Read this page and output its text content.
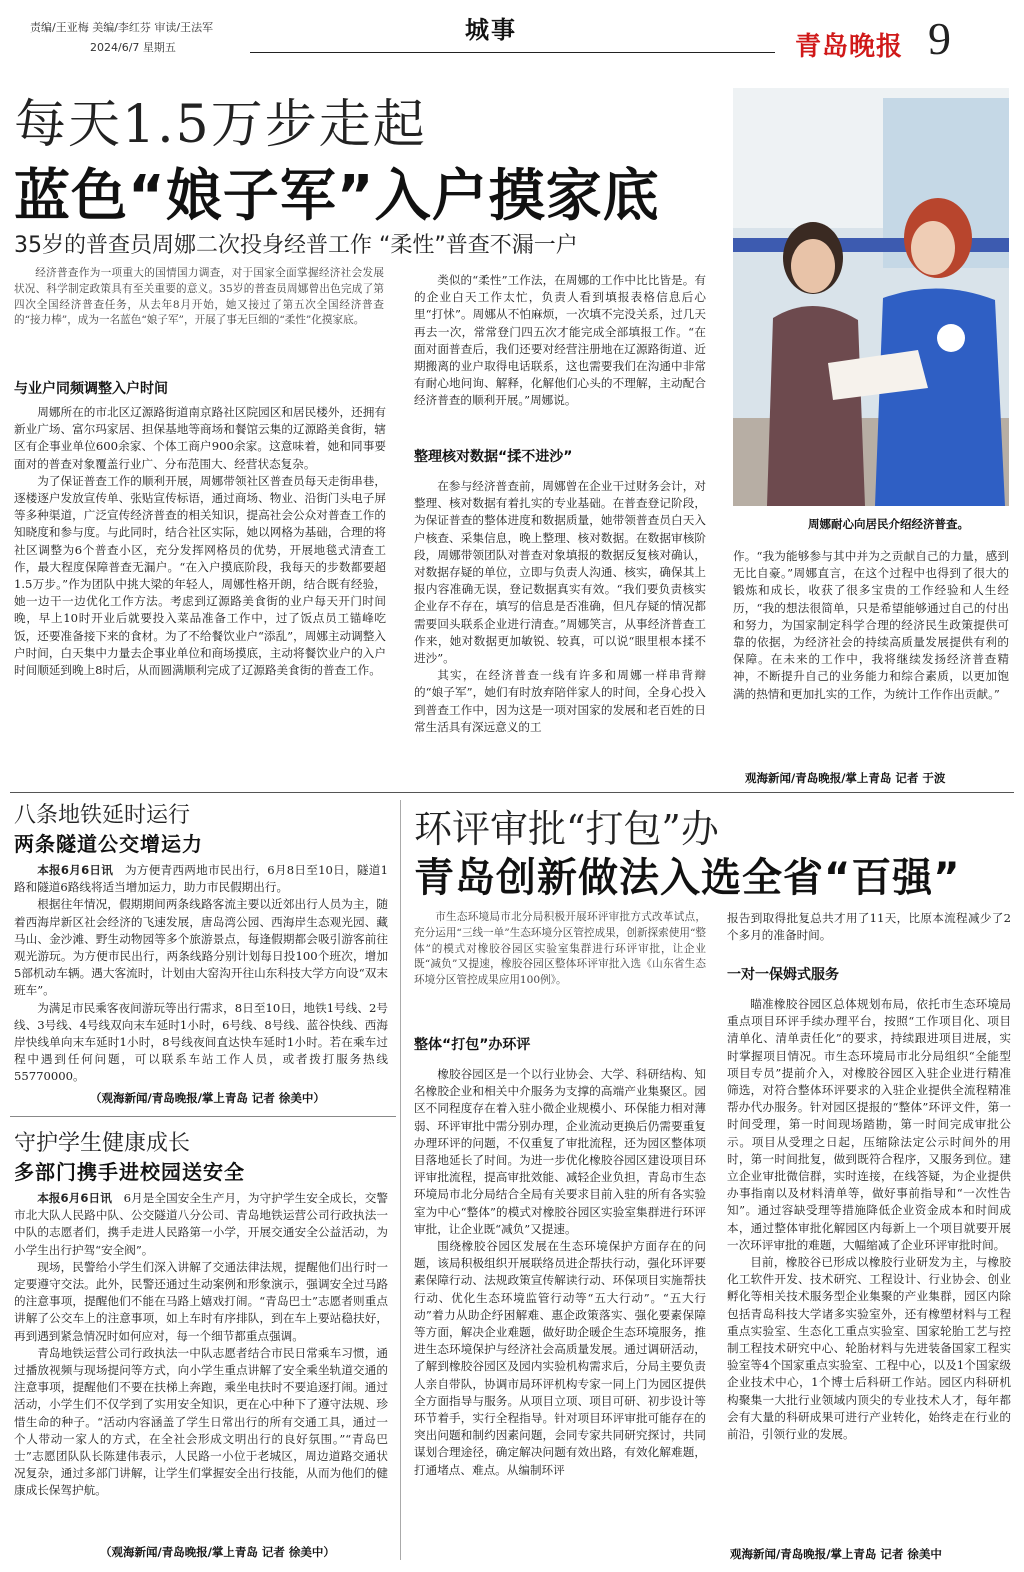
责编/王亚梅 美编/李红芬 审读/王法军
2024/6/7 星期五
城事
青岛晚报 9
每天1.5万步走起
蓝色“娘子军”入户摸家底
35岁的普查员周娜二次投身经普工作 “柔性”普查不漏一户

经济普查作为一项重大的国情国力调查，对于国家全面掌握经济社会发展状况、科学制定政策具有至关重要的意义。35岁的普查员周娜曾出色完成了第四次全国经济普查任务，从去年8月开始，她又接过了第五次全国经济普查的“接力棒”，成为一名蓝色“娘子军”，开展了事无巨细的“柔性”化摸家底。

与业户同频调整入户时间

周娜所在的市北区辽源路街道南京路社区院园区和居民楼外，还拥有新业广场、富尔玛家居、担保基地等商场和餐馆云集的辽源路美食街，辖区有企事业单位600余家、个体工商户900余家。这意味着，她和同事要面对的普查对象覆盖行业广、分布范围大、经营状态复杂。

为了保证普查工作的顺利开展，周娜带领社区普查员每天走街串巷，逐楼逐户发放宣传单、张贴宣传标语，通过商场、物业、沿街门头电子屏等多种渠道，广泛宣传经济普查的相关知识，提高社会公众对普查工作的知晓度和参与度。与此同时，结合社区实际，她以网格为基础，合理的将社区调整为6个普查小区，充分发挥网格员的优势，开展地毯式清查工作，最大程度保障普查无漏户。“在入户摸底阶段，我每天的步数都要超1.5万步。”作为团队中挑大梁的年轻人，周娜性格开朗，结合既有经验，她一边干一边优化工作方法。考虑到辽源路美食街的业户每天开门时间晚，早上10时开业后就要投入菜品准备工作中，过了饭点员工锚峰吃饭，还要准备接下来的食材。为了不给餐饮业户“添乱”，周娜主动调整入户时间，白天集中力量去企事业单位和商场摸底，主动将餐饮业户的入户时间顺延到晚上8时后，从而圆满顺利完成了辽源路美食街的普查工作。

类似的“柔性”工作法，在周娜的工作中比比皆是。有的企业白天工作太忙，负责人看到填报表格信息后心里“打怵”。周娜从不怕麻烦，一次填不完没关系，过几天再去一次，常常登门四五次才能完成全部填报工作。“在面对面普查后，我们还要对经营注册地在辽源路街道、近期搬离的业户取得电话联系，这也需要我们在沟通中非常有耐心地问询、解释，化解他们心头的不理解，主动配合经济普查的顺利开展。”周娜说。

整理核对数据“揉不进沙”

在参与经济普查前，周娜曾在企业干过财务会计，对整理、核对数据有着扎实的专业基础。在普查登记阶段，为保证普查的整体进度和数据质量，她带领普查员白天入户核查、采集信息，晚上整理、核对数据。在数据审核阶段，周娜带领团队对普查对象填报的数据反复核对确认，对数据存疑的单位，立即与负责人沟通、核实，确保其上报内容准确无误，登记数据真实有效。“我们要负责核实企业存不存在，填写的信息是否准确，但凡存疑的情况都需要回头联系企业进行清查。”周娜笑言，从事经济普查工作来，她对数据更加敏锐、较真，可以说“眼里根本揉不进沙”。

其实，在经济普查一线有许多和周娜一样串背辩的“娘子军”，她们有时放弃陪伴家人的时间，全身心投入到普查工作中，因为这是一项对国家的发展和老百姓的日常生活具有深远意义的工

周娜耐心向居民介绍经济普查。

作。“我为能够参与其中并为之贡献自己的力量，感到无比自豪。”周娜直言，在这个过程中也得到了很大的锻炼和成长，收获了很多宝贵的工作经验和人生经历，“我的想法很简单，只是希望能够通过自己的付出和努力，为国家制定科学合理的经济民生政策提供可靠的依据，为经济社会的持续高质量发展提供有利的保障。在未来的工作中，我将继续发扬经济普查精神，不断提升自己的业务能力和综合素质，以更加饱满的热情和更加扎实的工作，为统计工作作出贡献。”

观海新闻/青岛晚报/掌上青岛 记者 于波
八条地铁延时运行
两条隧道公交增运力

本报6月6日讯　 为方便青西两地市民出行，6月8日至10日，隧道1路和隧道6路线将适当增加运力，助力市民假期出行。

根据往年情况，假期期间两条线路客流主要以近郊出行人员为主，随着西海岸新区社会经济的飞速发展，唐岛湾公园、西海岸生态观光园、藏马山、金沙滩、野生动物园等多个旅游景点，每逢假期都会吸引游客前往观光游玩。为方便市民出行，两条线路分别计划每日投100个班次，增加5部机动车辆。遇大客流时，计划由大窑沟开往山东科技大学方向设“双末班车”。

为满足市民乘客夜间游玩等出行需求，8日至10日，地铁1号线、2号线、3号线、4号线双向末车延时1小时，6号线、8号线、蓝谷快线、西海岸快线单向末车延时1小时，8号线夜间直达快车延时1小时。若在乘车过程中遇到任何问题，可以联系车站工作人员，或者拨打服务热线55770000。

（观海新闻/青岛晚报/掌上青岛 记者 徐美中）
守护学生健康成长
多部门携手进校园送安全

本报6月6日讯　 6月是全国安全生产月，为守护学生安全成长，交警市北大队人民路中队、公交隧道八分公司、青岛地铁运营公司行政执法一中队的志愿者们，携手走进人民路第一小学，开展交通安全公益活动，为小学生出行护驾“安全阀”。

现场，民警给小学生们深入讲解了交通法律法规，提醒他们出行时一定要遵守交法。此外，民警还通过生动案例和形象演示，强调安全过马路的注意事项，提醒他们不能在马路上嬉戏打闹。“青岛巴士”志愿者则重点讲解了公交车上的注意事项，如上车时有序排队，到在车上要站稳扶好，再到遇到紧急情况时如何应对，每一个细节都重点强调。

青岛地铁运营公司行政执法一中队志愿者结合市民日常乘车习惯，通过播放视频与现场提问等方式，向小学生重点讲解了安全乘坐轨道交通的注意事项，提醒他们不要在扶梯上奔跑，乘坐电扶时不要追逐打闹。通过活动，小学生们不仅学到了实用安全知识，更在心中种下了遵守法规、珍惜生命的种子。“活动内容涵盖了学生日常出行的所有交通工具，通过一个人带动一家人的方式，在全社会形成文明出行的良好氛围。”“青岛巴士”志愿团队队长陈建伟表示，人民路一小位于老城区，周边道路交通状况复杂，通过多部门讲解，让学生们掌握安全出行技能，从而为他们的健康成长保驾护航。

（观海新闻/青岛晚报/掌上青岛 记者 徐美中）
环评审批“打包”办
青岛创新做法入选全省“百强”

市生态环境局市北分局积极开展环评审批方式改革试点，充分运用“三线一单”生态环境分区管控成果，创新探索使用“整体”的模式对橡胶谷园区实验室集群进行环评审批，让企业既“减负”又提速，橡胶谷园区整体环评审批入选《山东省生态环境分区管控成果应用100例》。

整体“打包”办环评

橡胶谷园区是一个以行业协会、大学、科研结构、知名橡胶企业和相关中介服务为支撑的高端产业集聚区。园区不同程度存在着入驻小微企业规模小、环保能力相对薄弱、环评审批中需分别办理，企业流动更换后仍需要重复办理环评的问题，不仅重复了审批流程，还为园区整体项目落地延长了时间。为进一步优化橡胶谷园区建设项目环评审批流程，提高审批效能、减轻企业负担，青岛市生态环境局市北分局结合全局有关要求目前入驻的所有各实验室为中心“整体”的模式对橡胶谷园区实验室集群进行环评审批，让企业既“减负”又提速。

围绕橡胶谷园区发展在生态环境保护方面存在的问题，该局积极组织开展联络员进企帮扶行动，强化环评要素保障行动、法规政策宣传解读行动、环保项目实施帮扶行动、优化生态环境监管行动等“五大行动”。“五大行动”着力从助企纾困解难、惠企政策落实、强化要素保障等方面，解决企业难题，做好助企暖企生态环境服务，推进生态环境保护与经济社会高质量发展。通过调研活动，了解到橡胶谷园区及园内实验机构需求后，分局主要负责人亲自带队，协调市局环评机构专家一同上门为园区提供全方面指导与服务。从项目立项、项目可研、初步设计等环节着手，实行全程指导。针对项目环评审批可能存在的突出问题和制约因素问题，会同专家共同研究探讨，共同谋划合理途径，确定解决问题有效出路，有效化解难题，打通堵点、难点。从编制环评

报告到取得批复总共才用了11天，比原本流程减少了2个多月的准备时间。

一对一保姆式服务

瞄准橡胶谷园区总体规划布局，依托市生态环境局重点项目环评手续办理平台，按照“工作项目化、项目清单化、清单责任化”的要求，持续跟进项目进展，实时掌握项目情况。市生态环境局市北分局组织“全能型项目专员”提前介入，对橡胶谷园区入驻企业进行精准筛选，对符合整体环评要求的入驻企业提供全流程精准帮办代办服务。针对园区提报的“整体”环评文件，第一时间受理，第一时间现场踏勘，第一时间完成审批公示。项目从受理之日起，压缩除法定公示时间外的用时，第一时间批复，做到既符合程序，又服务到位。建立企业审批微信群，实时连接，在线答疑，为企业提供办事指南以及材料清单等，做好事前指导和“一次性告知”。通过容缺受理等措施降低企业资金成本和时间成本，通过整体审批化解园区内每新上一个项目就要开展一次环评审批的难题，大幅缩减了企业环评审批时间。

目前，橡胶谷已形成以橡胶行业研发为主，与橡胶化工软件开发、技术研究、工程设计、行业协会、创业孵化等相关技术服务型企业集聚的产业集群，园区内除包括青岛科技大学诸多实验室外，还有橡塑材料与工程重点实验室、生态化工重点实验室、国家轮胎工艺与控制工程技术研究中心、轮胎材料与先进装备国家工程实验室等4个国家重点实验室、工程中心，以及1个国家级企业技术中心，1个博士后科研工作站。园区内科研机构聚集一大批行业领域内顶尖的专业技术人才，每年都会有大量的科研成果可进行产业转化，始终走在行业的前沿，引领行业的发展。

观海新闻/青岛晚报/掌上青岛 记者 徐美中
